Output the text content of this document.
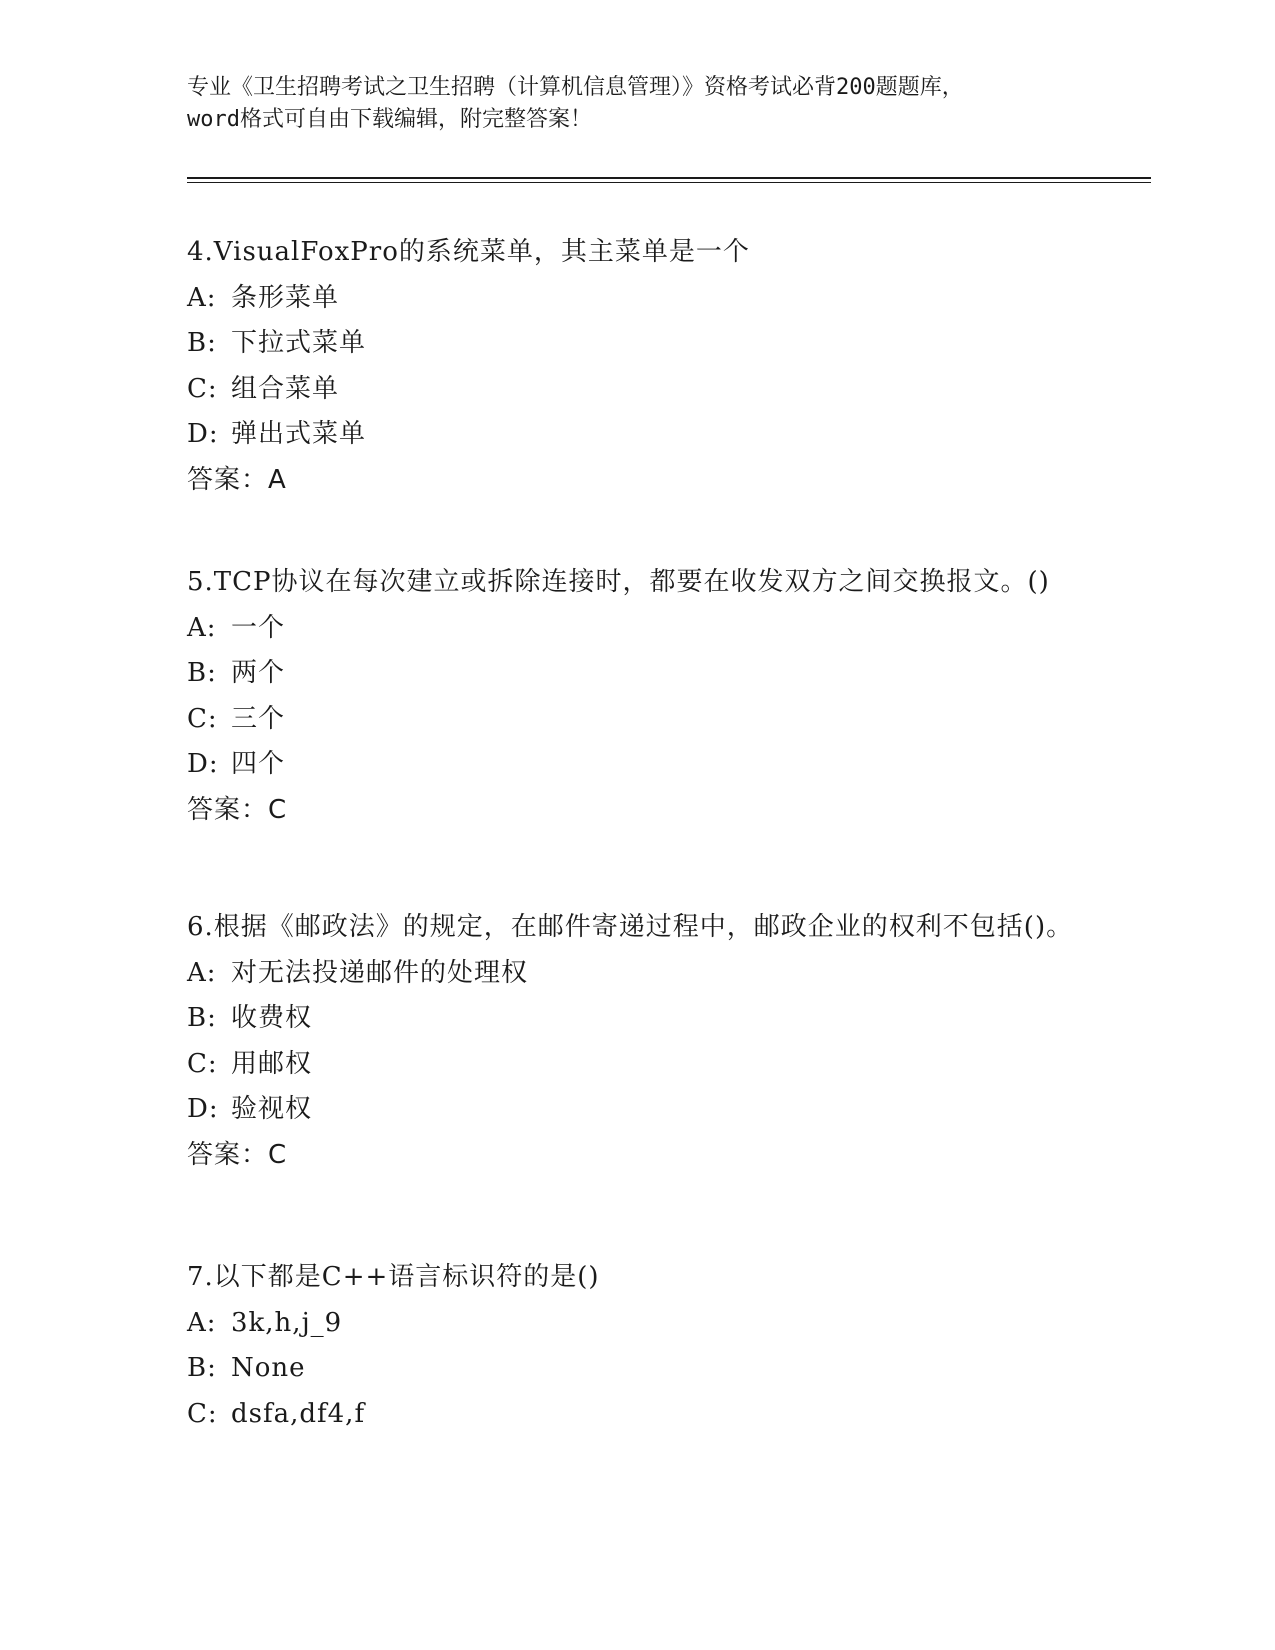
专业《卫生招聘考试之卫生招聘（计算机信息管理）》资格考试必背200题题库，
word格式可自由下载编辑，附完整答案！
4.VisualFoxPro的系统菜单，其主菜单是一个
A: 条形菜单
B: 下拉式菜单
C: 组合菜单
D: 弹出式菜单
答案：A
5.TCP协议在每次建立或拆除连接时，都要在收发双方之间交换报文。()
A: 一个
B: 两个
C: 三个
D: 四个
答案：C
6.根据《邮政法》的规定，在邮件寄递过程中，邮政企业的权利不包括()。
A: 对无法投递邮件的处理权
B: 收费权
C: 用邮权
D: 验视权
答案：C
7.以下都是C++语言标识符的是()
A: 3k,h,j_9
B: None
C: dsfa,df4,f
